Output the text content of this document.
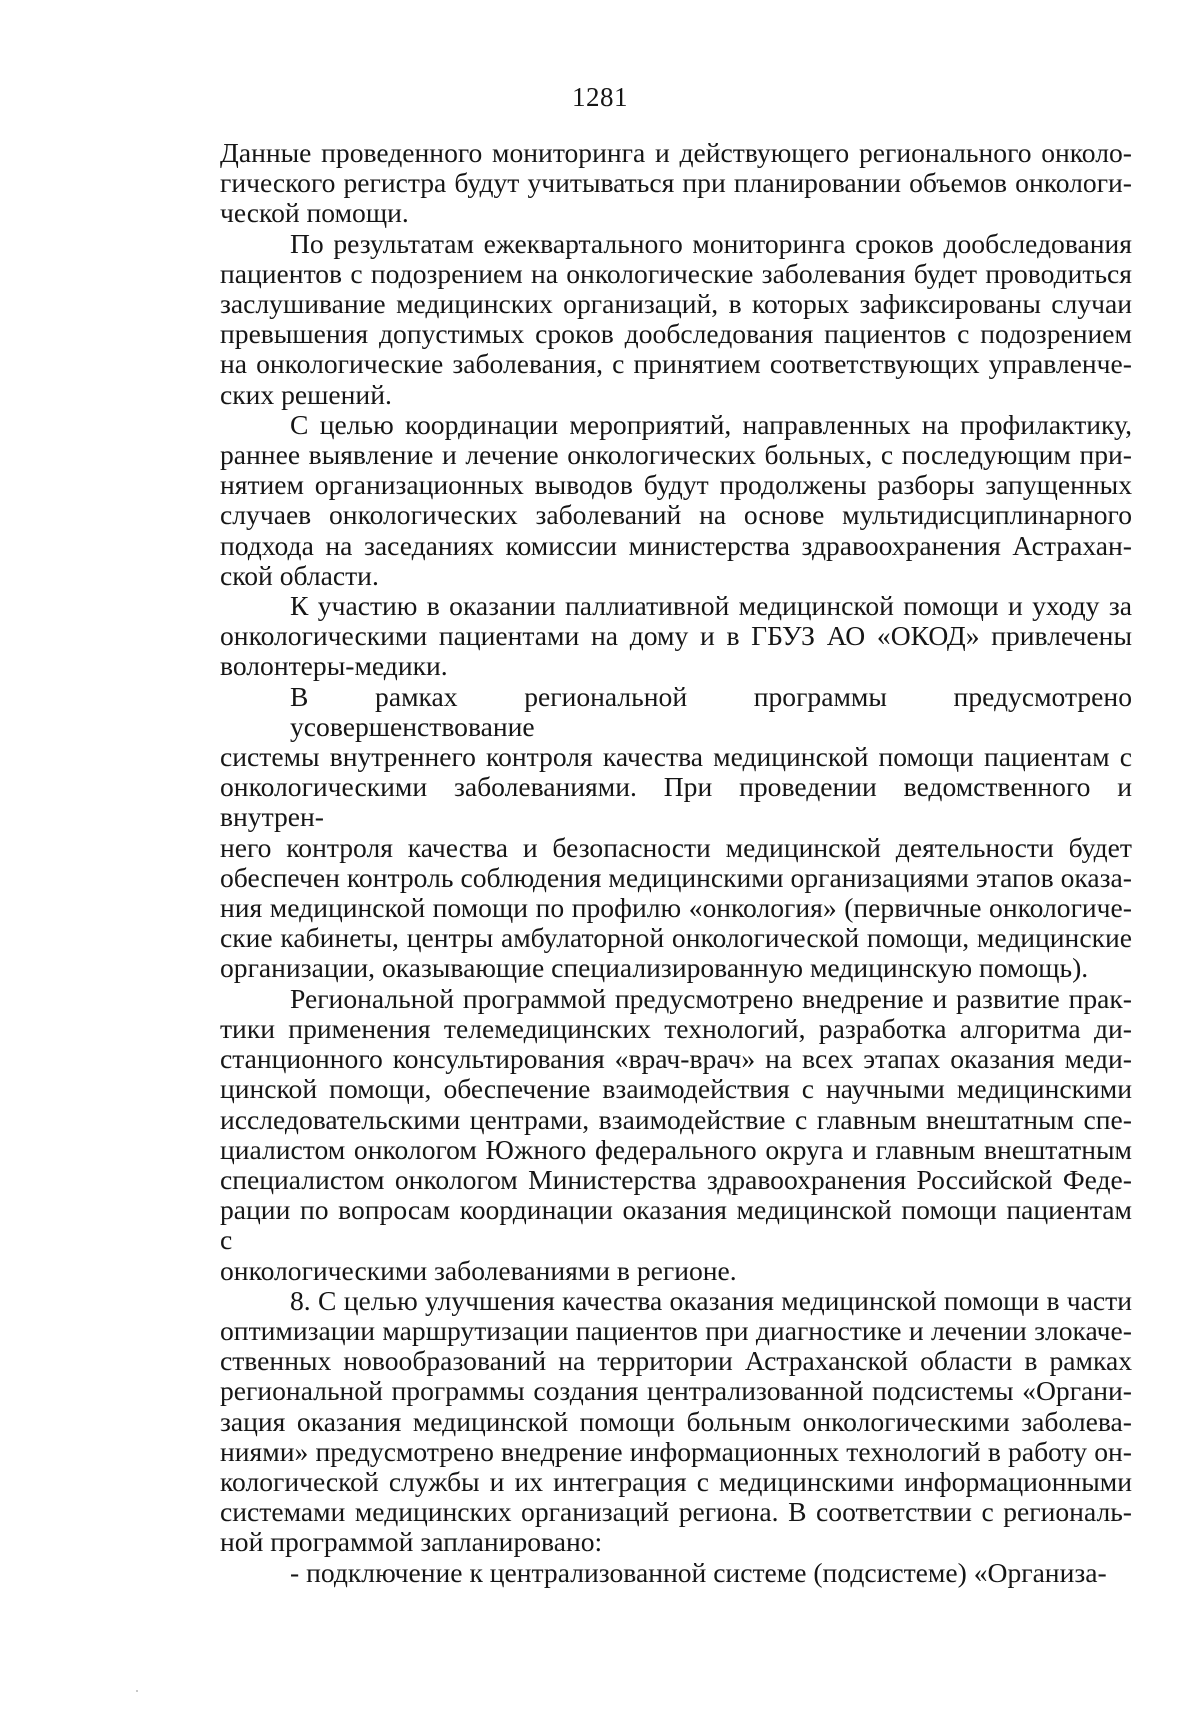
1281
Данные проведенного мониторинга и действующего регионального онколо-
гического регистра будут учитываться при планировании объемов онкологи-
ческой помощи.
По результатам ежеквартального мониторинга сроков дообследования
пациентов с подозрением на онкологические заболевания будет проводиться
заслушивание медицинских организаций, в которых зафиксированы случаи
превышения допустимых сроков дообследования пациентов с подозрением
на онкологические заболевания, с принятием соответствующих управленче-
ских решений.
С целью координации мероприятий, направленных на профилактику,
раннее выявление и лечение онкологических больных, с последующим при-
нятием организационных выводов будут продолжены разборы запущенных
случаев онкологических заболеваний на основе мультидисциплинарного
подхода на заседаниях комиссии министерства здравоохранения Астрахан-
ской области.
К участию в оказании паллиативной медицинской помощи и уходу за
онкологическими пациентами на дому и в ГБУЗ АО «ОКОД» привлечены
волонтеры-медики.
В рамках региональной программы предусмотрено усовершенствование
системы внутреннего контроля качества медицинской помощи пациентам с
онкологическими заболеваниями. При проведении ведомственного и внутрен-
него контроля качества и безопасности медицинской деятельности будет
обеспечен контроль соблюдения медицинскими организациями этапов оказа-
ния медицинской помощи по профилю «онкология» (первичные онкологиче-
ские кабинеты, центры амбулаторной онкологической помощи, медицинские
организации, оказывающие специализированную медицинскую помощь).
Региональной программой предусмотрено внедрение и развитие прак-
тики применения телемедицинских технологий, разработка алгоритма ди-
станционного консультирования «врач-врач» на всех этапах оказания меди-
цинской помощи, обеспечение взаимодействия с научными медицинскими
исследовательскими центрами, взаимодействие с главным внештатным спе-
циалистом онкологом Южного федерального округа и главным внештатным
специалистом онкологом Министерства здравоохранения Российской Феде-
рации по вопросам координации оказания медицинской помощи пациентам с
онкологическими заболеваниями в регионе.
8. С целью улучшения качества оказания медицинской помощи в части
оптимизации маршрутизации пациентов при диагностике и лечении злокаче-
ственных новообразований на территории Астраханской области в рамках
региональной программы создания централизованной подсистемы «Органи-
зация оказания медицинской помощи больным онкологическими заболева-
ниями» предусмотрено внедрение информационных технологий в работу он-
кологической службы и их интеграция с медицинскими информационными
системами медицинских организаций региона. В соответствии с региональ-
ной программой запланировано:
- подключение к централизованной системе (подсистеме) «Организа-
